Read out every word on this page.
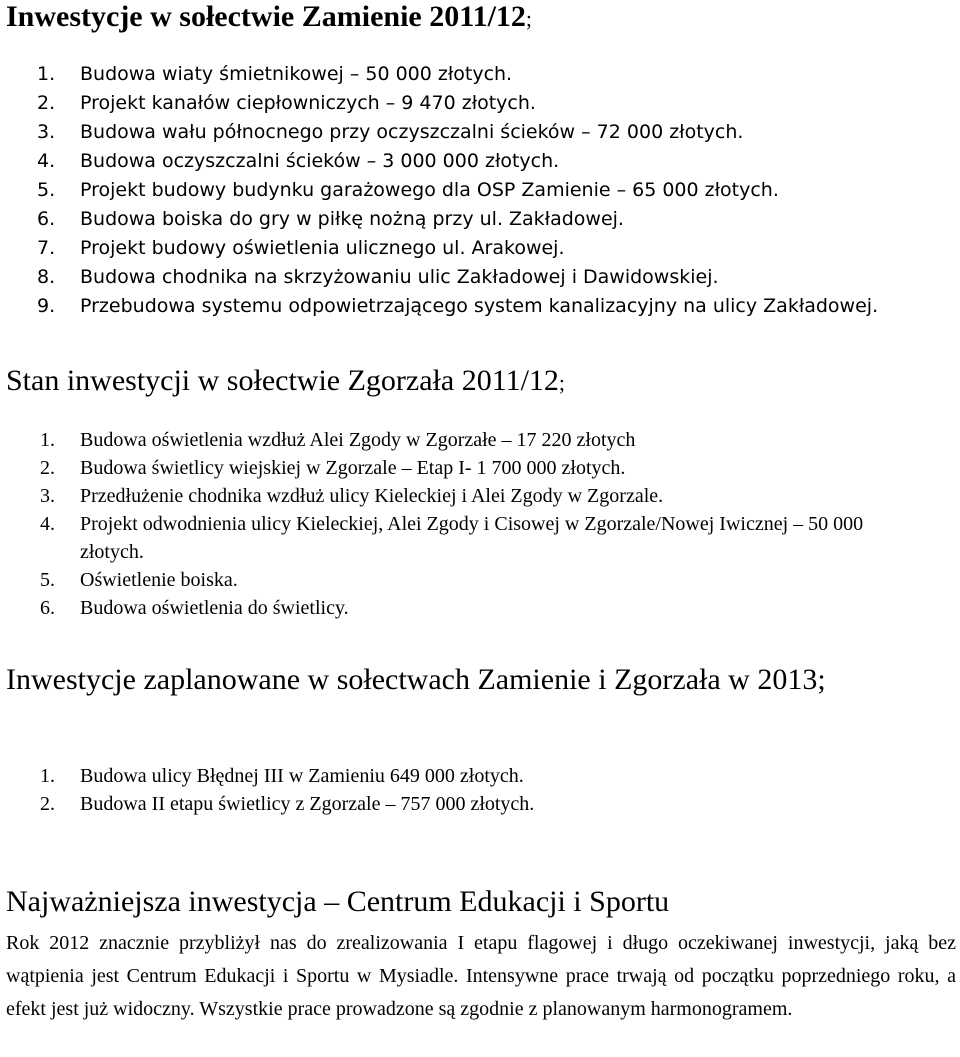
Inwestycje w sołectwie Zamienie 2011/12;
1.	Budowa wiaty śmietnikowej – 50 000 złotych.
2.	Projekt kanałów ciepłowniczych – 9 470 złotych.
3.	Budowa wału północnego przy oczyszczalni ścieków – 72 000 złotych.
4.	Budowa oczyszczalni ścieków – 3 000 000 złotych.
5.	Projekt budowy budynku garażowego dla OSP Zamienie – 65 000 złotych.
6.	Budowa boiska do gry w piłkę nożną przy ul. Zakładowej.
7.	Projekt budowy oświetlenia ulicznego ul. Arakowej.
8.	Budowa chodnika na skrzyżowaniu ulic Zakładowej i Dawidowskiej.
9.	Przebudowa systemu odpowietrzającego system kanalizacyjny na ulicy Zakładowej.
Stan inwestycji w sołectwie Zgorzała 2011/12;
1.	Budowa oświetlenia wzdłuż Alei Zgody w Zgorzałe – 17 220 złotych
2.	Budowa świetlicy wiejskiej w Zgorzale – Etap I- 1 700 000 złotych.
3.	Przedłużenie chodnika wzdłuż ulicy Kieleckiej i Alei Zgody w Zgorzale.
4.	Projekt odwodnienia ulicy Kieleckiej, Alei Zgody i Cisowej w Zgorzale/Nowej Iwicznej – 50 000 złotych.
5.	Oświetlenie boiska.
6.	Budowa oświetlenia do świetlicy.
Inwestycje zaplanowane w sołectwach Zamienie i Zgorzała w 2013;
1.	Budowa ulicy Błędnej III w Zamieniu 649 000 złotych.
2.	Budowa II etapu świetlicy z Zgorzale – 757 000 złotych.
Najważniejsza inwestycja – Centrum Edukacji i Sportu

Rok 2012 znacznie przybliżył nas do zrealizowania I etapu flagowej i długo oczekiwanej inwestycji, jaką bez wątpienia jest Centrum Edukacji i Sportu w Mysiadle. Intensywne prace trwają od początku poprzedniego roku, a efekt jest już widoczny. Wszystkie prace prowadzone są zgodnie z planowanym harmonogramem.
